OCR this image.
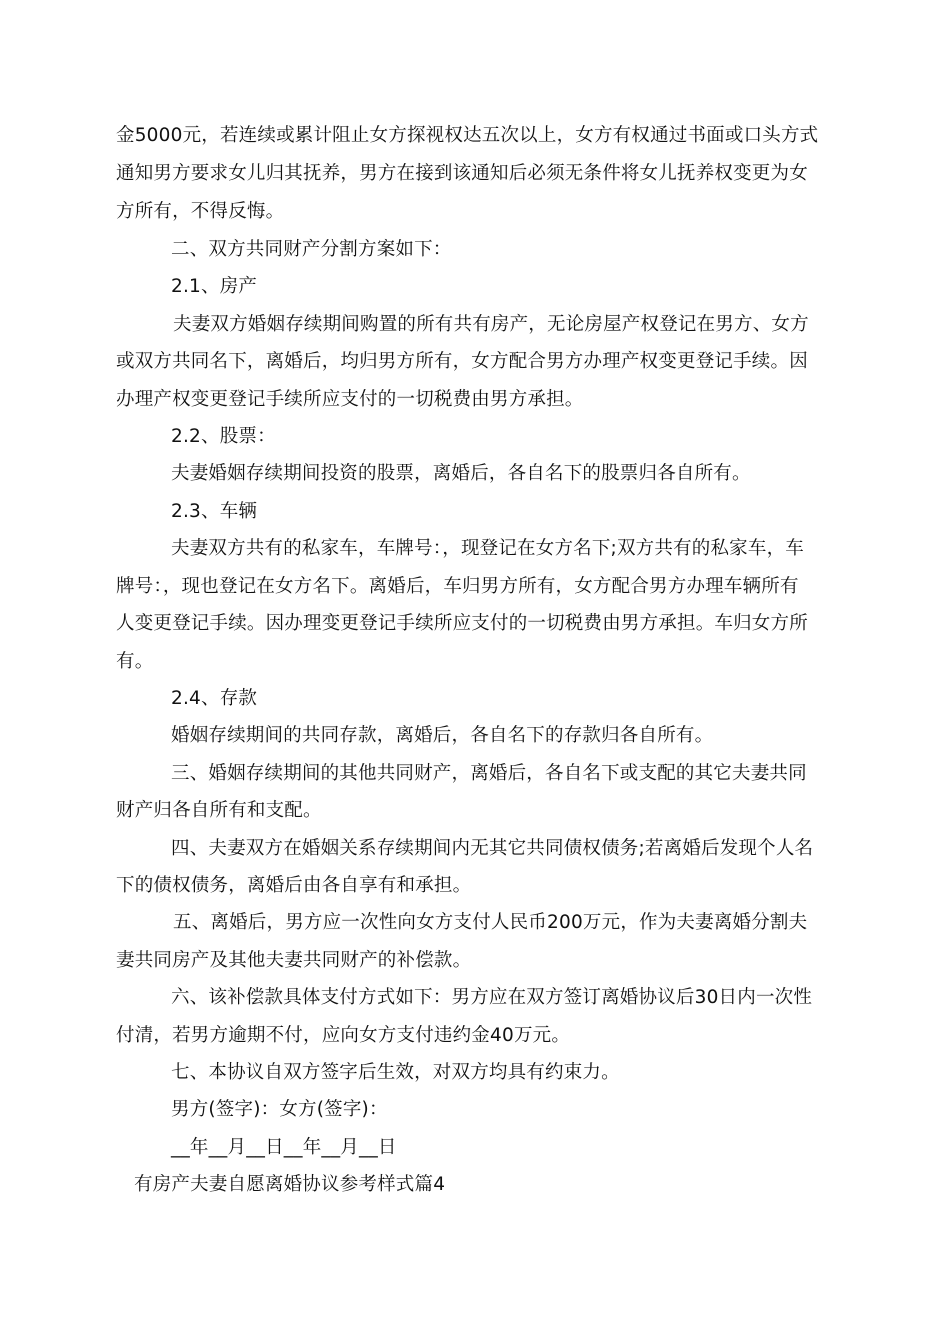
金5000元，若连续或累计阻止女方探视权达五次以上，女方有权通过书面或口头方式
通知男方要求女儿归其抚养，男方在接到该通知后必须无条件将女儿抚养权变更为女
方所有，不得反悔。
二、双方共同财产分割方案如下：
2.1、房产
夫妻双方婚姻存续期间购置的所有共有房产，无论房屋产权登记在男方、女方
或双方共同名下，离婚后，均归男方所有，女方配合男方办理产权变更登记手续。因
办理产权变更登记手续所应支付的一切税费由男方承担。
2.2、股票：
夫妻婚姻存续期间投资的股票，离婚后，各自名下的股票归各自所有。
2.3、车辆
夫妻双方共有的私家车，车牌号：，现登记在女方名下;双方共有的私家车，车
牌号：，现也登记在女方名下。离婚后，车归男方所有，女方配合男方办理车辆所有
人变更登记手续。因办理变更登记手续所应支付的一切税费由男方承担。车归女方所
有。
2.4、存款
婚姻存续期间的共同存款，离婚后，各自名下的存款归各自所有。
三、婚姻存续期间的其他共同财产，离婚后，各自名下或支配的其它夫妻共同
财产归各自所有和支配。
四、夫妻双方在婚姻关系存续期间内无其它共同债权债务;若离婚后发现个人名
下的债权债务，离婚后由各自享有和承担。
五、离婚后，男方应一次性向女方支付人民币200万元，作为夫妻离婚分割夫
妻共同房产及其他夫妻共同财产的补偿款。
六、该补偿款具体支付方式如下：男方应在双方签订离婚协议后30日内一次性
付清，若男方逾期不付，应向女方支付违约金40万元。
七、本协议自双方签字后生效，对双方均具有约束力。
男方(签字)：女方(签字)：
__年__月__日__年__月__日
有房产夫妻自愿离婚协议参考样式篇4
